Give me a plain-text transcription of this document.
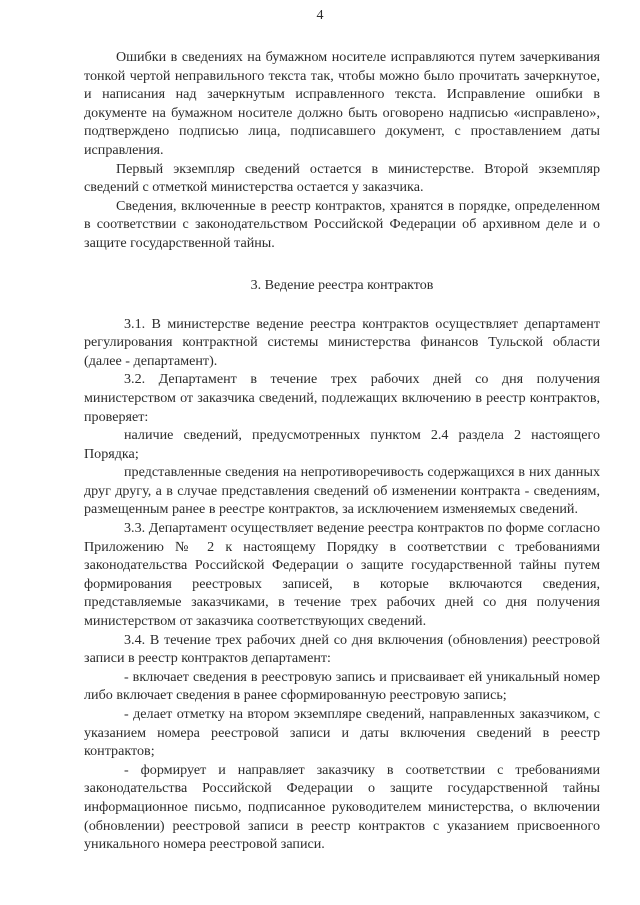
4

Ошибки в сведениях на бумажном носителе исправляются путем зачеркивания тонкой чертой неправильного текста так, чтобы можно было прочитать зачеркнутое, и написания над зачеркнутым исправленного текста. Исправление ошибки в документе на бумажном носителе должно быть оговорено надписью «исправлено», подтверждено подписью лица, подписавшего документ, с проставлением даты исправления.

Первый экземпляр сведений остается в министерстве. Второй экземпляр сведений с отметкой министерства остается у заказчика.

Сведения, включенные в реестр контрактов, хранятся в порядке, определенном в соответствии с законодательством Российской Федерации об архивном деле и о защите государственной тайны.

3. Ведение реестра контрактов

3.1. В министерстве ведение реестра контрактов осуществляет департамент регулирования контрактной системы министерства финансов Тульской области (далее - департамент).

3.2. Департамент в течение трех рабочих дней со дня получения министерством от заказчика сведений, подлежащих включению в реестр контрактов, проверяет:

наличие сведений, предусмотренных пунктом 2.4 раздела 2 настоящего Порядка;

представленные сведения на непротиворечивость содержащихся в них данных друг другу, а в случае представления сведений об изменении контракта - сведениям, размещенным ранее в реестре контрактов, за исключением изменяемых сведений.

3.3. Департамент осуществляет ведение реестра контрактов по форме согласно Приложению № 2 к настоящему Порядку в соответствии с требованиями законодательства Российской Федерации о защите государственной тайны путем формирования реестровых записей, в которые включаются сведения, представляемые заказчиками, в течение трех рабочих дней со дня получения министерством от заказчика соответствующих сведений.

3.4. В течение трех рабочих дней со дня включения (обновления) реестровой записи в реестр контрактов департамент:

- включает сведения в реестровую запись и присваивает ей уникальный номер либо включает сведения в ранее сформированную реестровую запись;

- делает отметку на втором экземпляре сведений, направленных заказчиком, с указанием номера реестровой записи и даты включения сведений в реестр контрактов;

- формирует и направляет заказчику в соответствии с требованиями законодательства Российской Федерации о защите государственной тайны информационное письмо, подписанное руководителем министерства, о включении (обновлении) реестровой записи в реестр контрактов с указанием присвоенного уникального номера реестровой записи.
